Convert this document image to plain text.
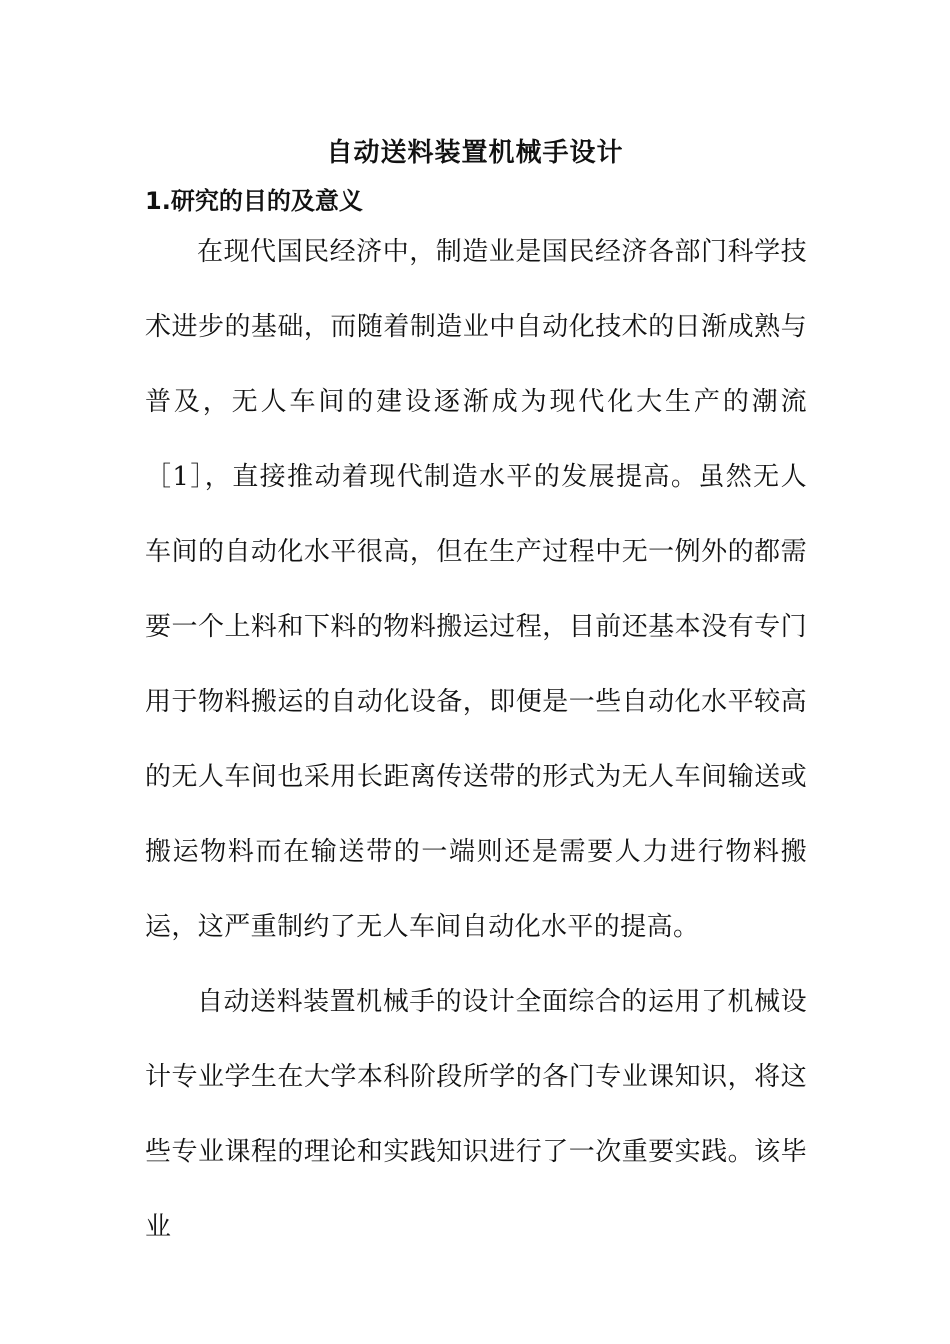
自动送料装置机械手设计
1.研究的目的及意义

在现代国民经济中，制造业是国民经济各部门科学技术进步的基础，而随着制造业中自动化技术的日渐成熟与普及，无人车间的建设逐渐成为现代化大生产的潮流［1］，直接推动着现代制造水平的发展提高。虽然无人车间的自动化水平很高，但在生产过程中无一例外的都需要一个上料和下料的物料搬运过程，目前还基本没有专门用于物料搬运的自动化设备，即便是一些自动化水平较高的无人车间也采用长距离传送带的形式为无人车间输送或搬运物料而在输送带的一端则还是需要人力进行物料搬运，这严重制约了无人车间自动化水平的提高。

自动送料装置机械手的设计全面综合的运用了机械设计专业学生在大学本科阶段所学的各门专业课知识，将这些专业课程的理论和实践知识进行了一次重要实践。该毕业
